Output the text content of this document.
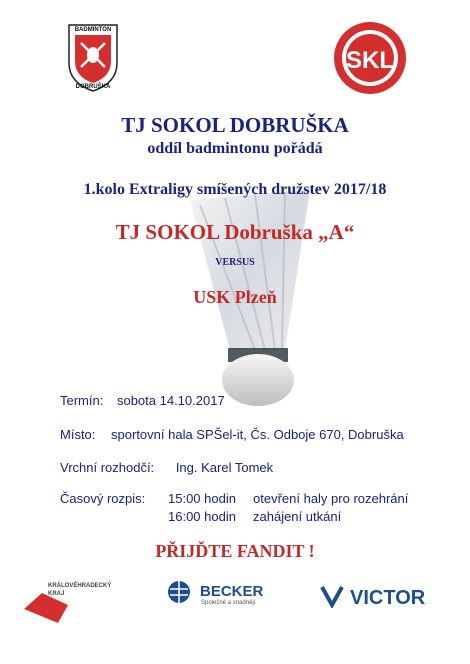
BADMINTON
DOBRUŠKA
SKL
TJ SOKOL DOBRUŠKA
oddíl badmintonu pořádá
1.kolo Extraligy smíšených družstev 2017/18
TJ SOKOL Dobruška „A“
VERSUS
USK Plzeň
Termín: sobota 14.10.2017
Místo: sportovní hala SPŠel-it, Čs. Odboje 670, Dobruška
Vrchní rozhodčí: Ing. Karel Tomek
Časový rozpis: 15:00 hodin otevření haly pro rozehrání
16:00 hodin zahájení utkání
PŘIJĎTE FANDIT !
KRÁLOVÉHRADECKÝ
KRAJ	BECKER
Společně a snadněji.	VICTOR
